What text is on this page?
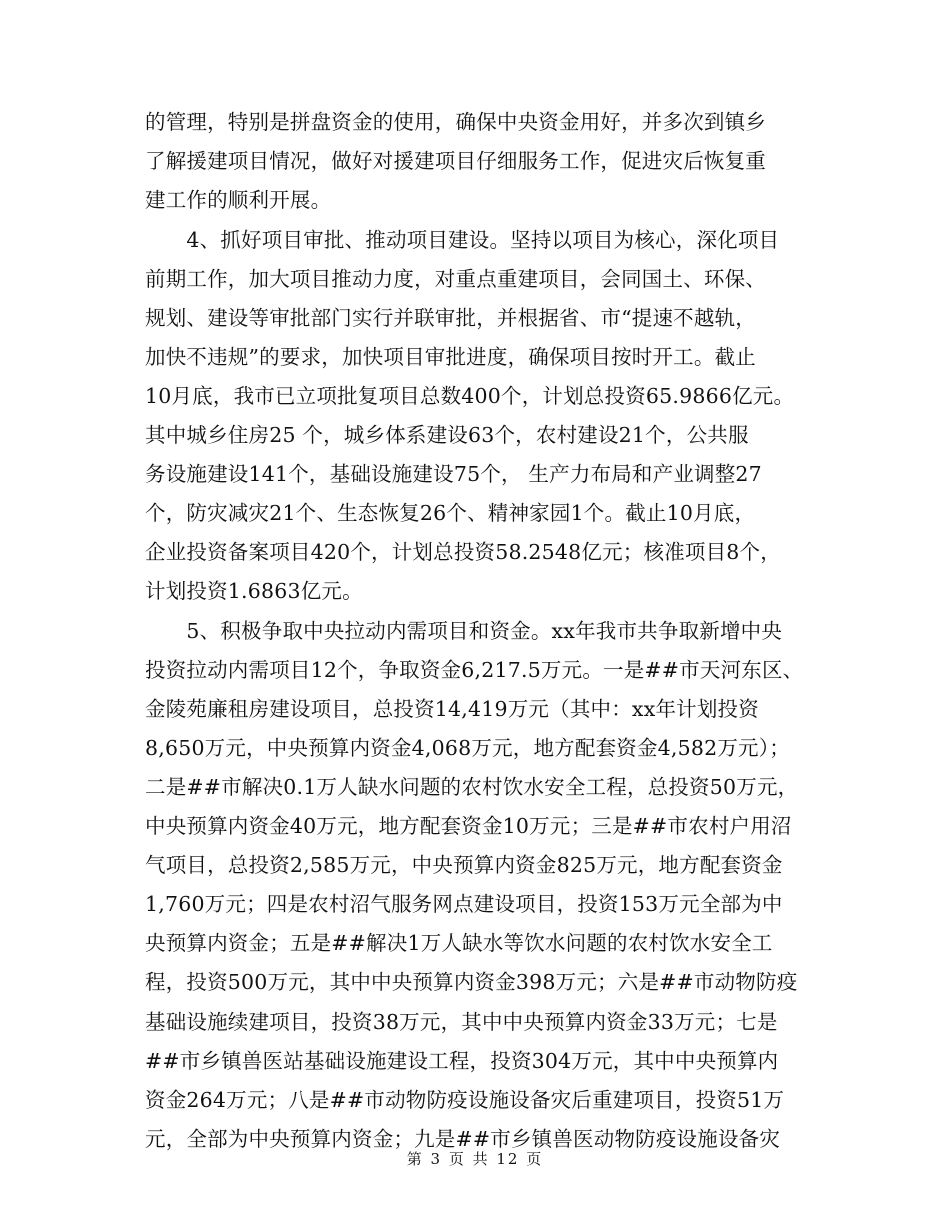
的管理，特别是拼盘资金的使用，确保中央资金用好，并多次到镇乡
了解援建项目情况，做好对援建项目仔细服务工作，促进灾后恢复重
建工作的顺利开展。
　　4、抓好项目审批、推动项目建设。坚持以项目为核心，深化项目
前期工作，加大项目推动力度，对重点重建项目，会同国土、环保、
规划、建设等审批部门实行并联审批，并根据省、市“提速不越轨，
加快不违规”的要求，加快项目审批进度，确保项目按时开工。截止
10月底，我市已立项批复项目总数400个，计划总投资65.9866亿元。
其中城乡住房25 个，城乡体系建设63个，农村建设21个，公共服
务设施建设141个，基础设施建设75个， 生产力布局和产业调整27
个，防灾减灾21个、生态恢复26个、精神家园1个。截止10月底，
企业投资备案项目420个，计划总投资58.2548亿元；核准项目8个，
计划投资1.6863亿元。
　　5、积极争取中央拉动内需项目和资金。xx年我市共争取新增中央
投资拉动内需项目12个，争取资金6,217.5万元。一是##市天河东区、
金陵苑廉租房建设项目，总投资14,419万元（其中：xx年计划投资
8,650万元，中央预算内资金4,068万元，地方配套资金4,582万元）；
二是##市解决0.1万人缺水问题的农村饮水安全工程，总投资50万元，
中央预算内资金40万元，地方配套资金10万元；三是##市农村户用沼
气项目，总投资2,585万元，中央预算内资金825万元，地方配套资金
1,760万元；四是农村沼气服务网点建设项目，投资153万元全部为中
央预算内资金；五是##解决1万人缺水等饮水问题的农村饮水安全工
程，投资500万元，其中中央预算内资金398万元；六是##市动物防疫
基础设施续建项目，投资38万元，其中中央预算内资金33万元；七是
##市乡镇兽医站基础设施建设工程，投资304万元，其中中央预算内
资金264万元；八是##市动物防疫设施设备灾后重建项目，投资51万
元，全部为中央预算内资金；九是##市乡镇兽医动物防疫设施设备灾
第 3 页 共 12 页
